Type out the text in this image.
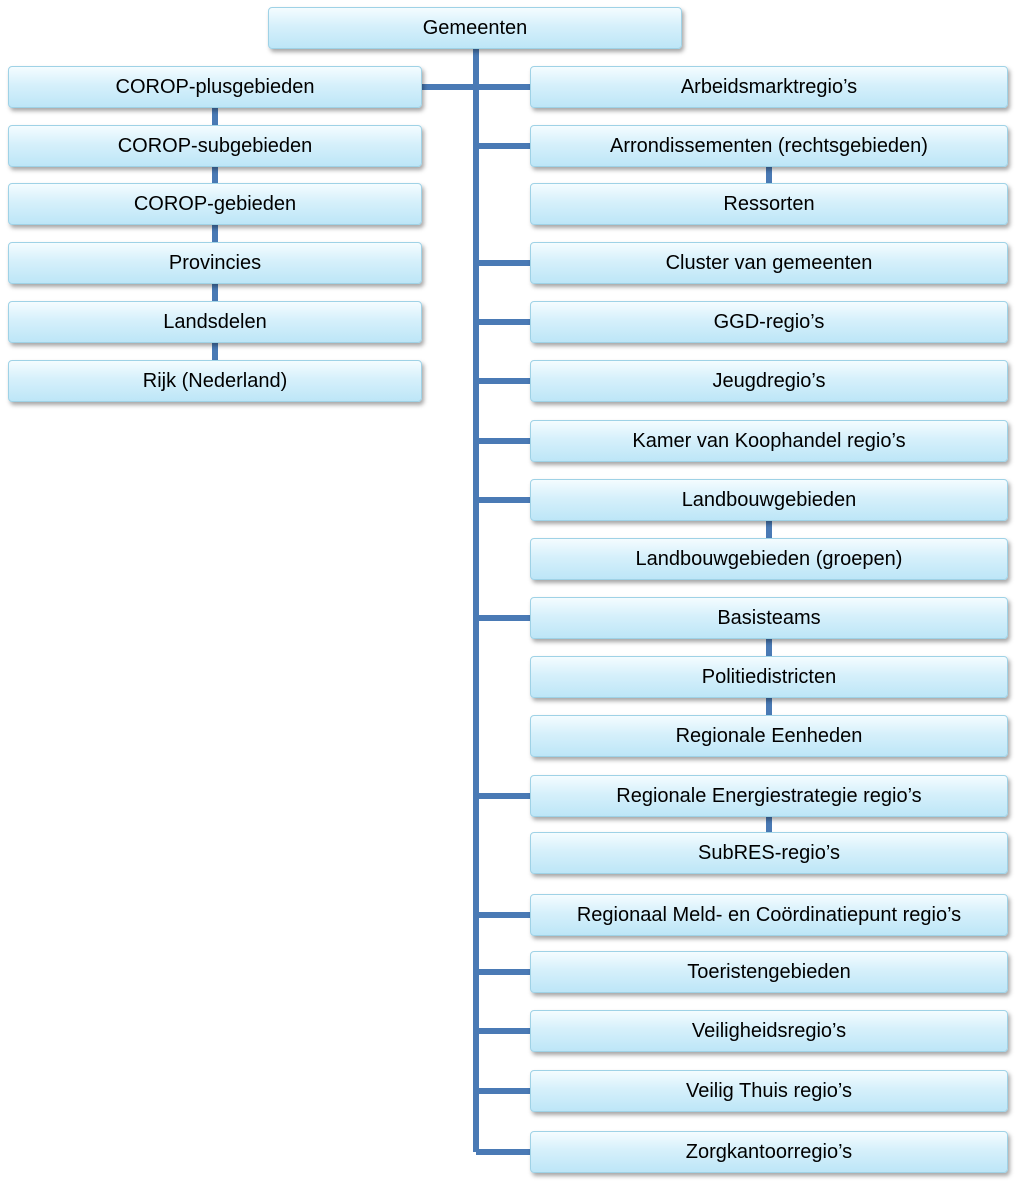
Gemeenten
COROP-plusgebieden
COROP-subgebieden
COROP-gebieden
Provincies
Landsdelen
Rijk (Nederland)
Arbeidsmarktregio’s
Arrondissementen (rechtsgebieden)
Ressorten
Cluster van gemeenten
GGD-regio’s
Jeugdregio’s
Kamer van Koophandel regio’s
Landbouwgebieden
Landbouwgebieden (groepen)
Basisteams
Politiedistricten
Regionale Eenheden
Regionale Energiestrategie regio’s
SubRES-regio’s
Regionaal Meld- en Coördinatiepunt regio’s
Toeristengebieden
Veiligheidsregio’s
Veilig Thuis regio’s
Zorgkantoorregio’s
